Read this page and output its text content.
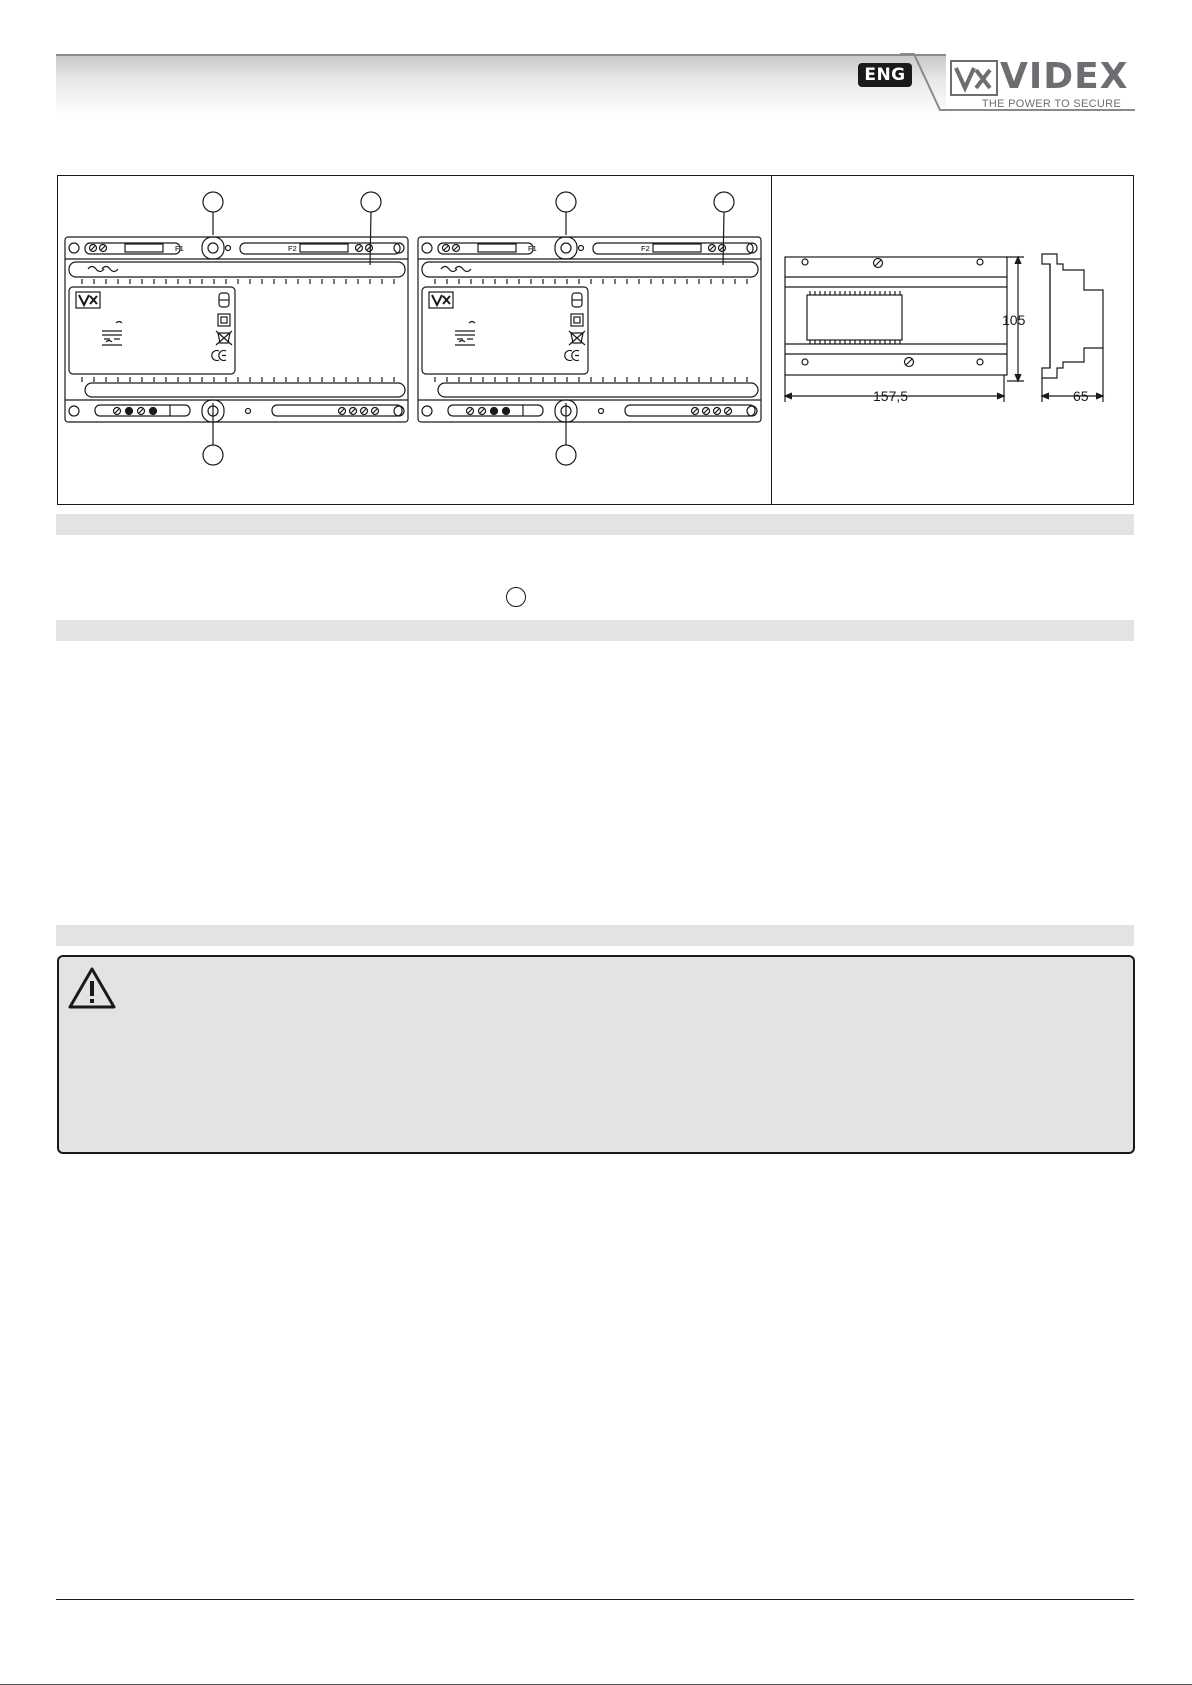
ENG	VIDEX
THE POWER TO SECURE
F1	F2	F1	F2
105
157,5	65
